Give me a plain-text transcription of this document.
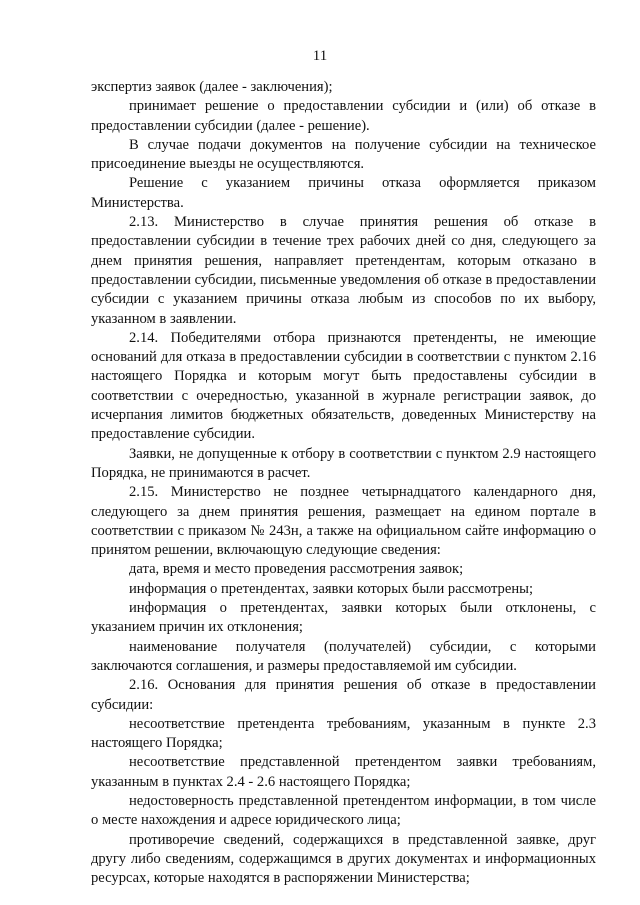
11

экспертиз заявок (далее - заключения);

принимает решение о предоставлении субсидии и (или) об отказе в предоставлении субсидии (далее - решение).

В случае подачи документов на получение субсидии на техническое присоединение выезды не осуществляются.

Решение с указанием причины отказа оформляется приказом Министерства.

2.13. Министерство в случае принятия решения об отказе в предоставлении субсидии в течение трех рабочих дней со дня, следующего за днем принятия решения, направляет претендентам, которым отказано в предоставлении субсидии, письменные уведомления об отказе в предоставлении субсидии с указанием причины отказа любым из способов по их выбору, указанном в заявлении.

2.14. Победителями отбора признаются претенденты, не имеющие оснований для отказа в предоставлении субсидии в соответствии с пунктом 2.16 настоящего Порядка и которым могут быть предоставлены субсидии в соответствии с очередностью, указанной в журнале регистрации заявок, до исчерпания лимитов бюджетных обязательств, доведенных Министерству на предоставление субсидии.

Заявки, не допущенные к отбору в соответствии с пунктом 2.9 настоящего Порядка, не принимаются в расчет.

2.15. Министерство не позднее четырнадцатого календарного дня, следующего за днем принятия решения, размещает на едином портале в соответствии с приказом № 243н, а также на официальном сайте информацию о принятом решении, включающую следующие сведения:

дата, время и место проведения рассмотрения заявок;

информация о претендентах, заявки которых были рассмотрены;

информация о претендентах, заявки которых были отклонены, с указанием причин их отклонения;

наименование получателя (получателей) субсидии, с которыми заключаются соглашения, и размеры предоставляемой им субсидии.

2.16. Основания для принятия решения об отказе в предоставлении субсидии:

несоответствие претендента требованиям, указанным в пункте 2.3 настоящего Порядка;

несоответствие представленной претендентом заявки требованиям, указанным в пунктах 2.4 - 2.6 настоящего Порядка;

недостоверность представленной претендентом информации, в том числе о месте нахождения и адресе юридического лица;

противоречие сведений, содержащихся в представленной заявке, друг другу либо сведениям, содержащимся в других документах и информационных ресурсах, которые находятся в распоряжении Министерства;
